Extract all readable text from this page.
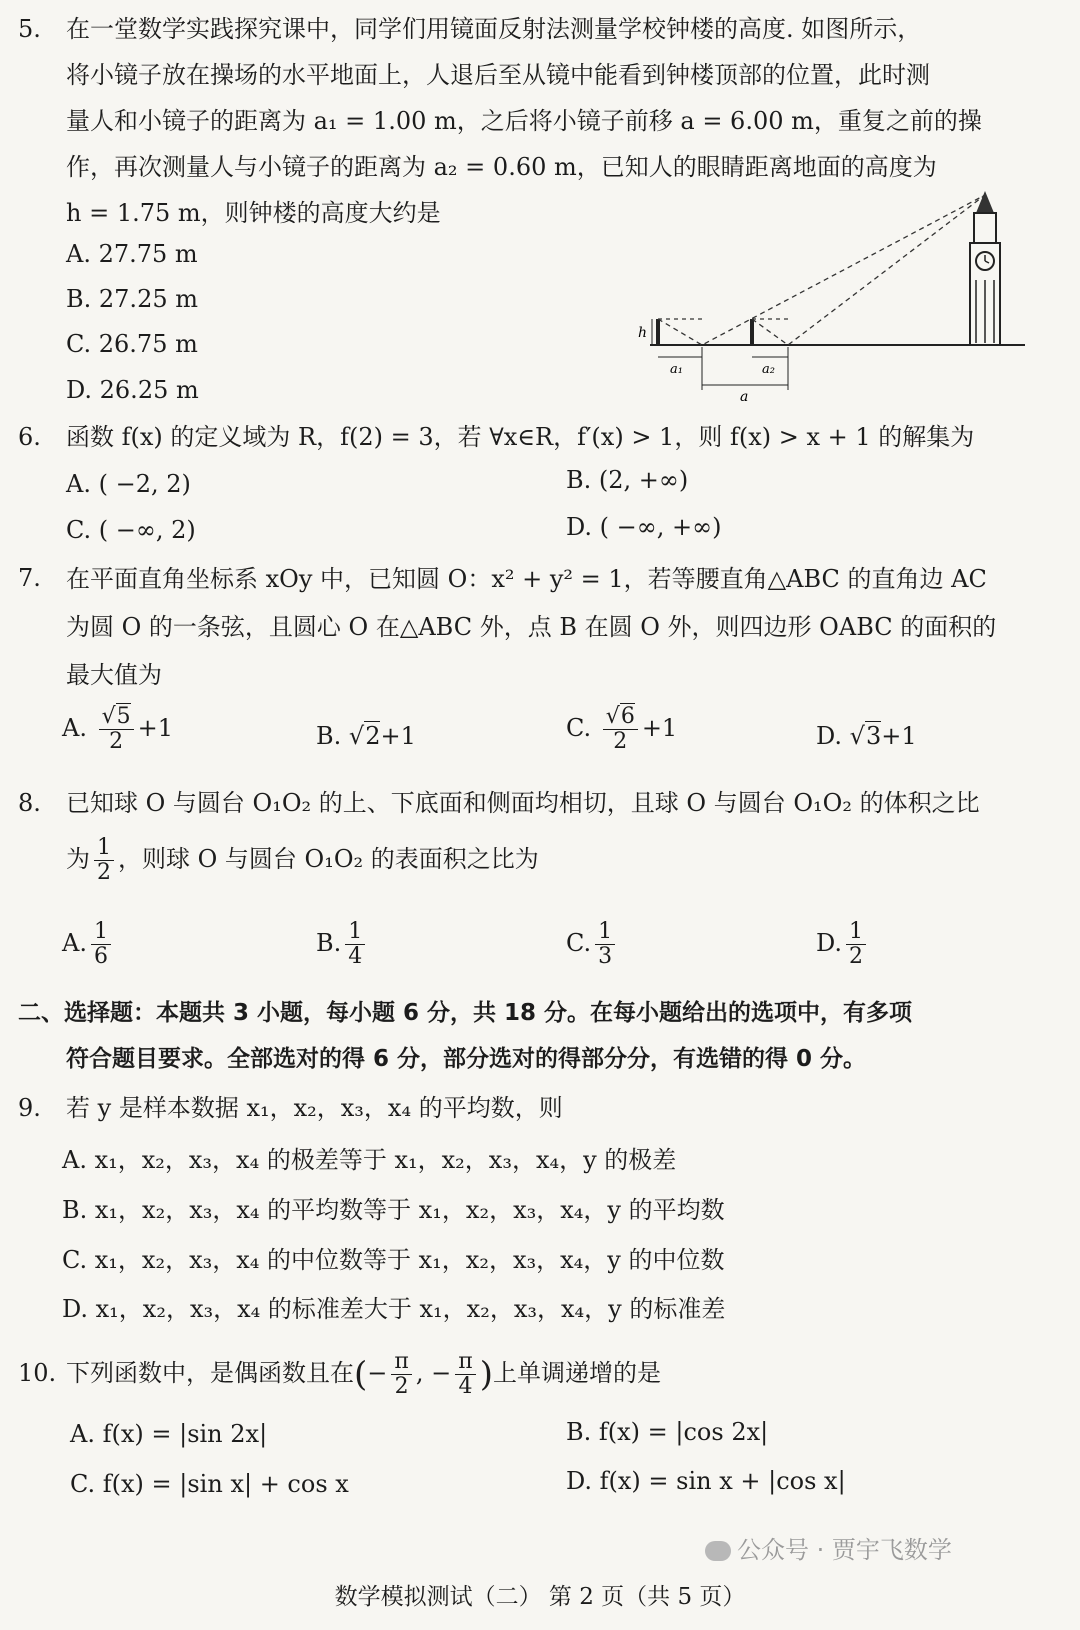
5. 在一堂数学实践探究课中，同学们用镜面反射法测量学校钟楼的高度. 如图所示，
将小镜子放在操场的水平地面上，人退后至从镜中能看到钟楼顶部的位置，此时测
量人和小镜子的距离为 a₁ = 1.00 m，之后将小镜子前移 a = 6.00 m，重复之前的操
作，再次测量人与小镜子的距离为 a₂ = 0.60 m，已知人的眼睛距离地面的高度为
h = 1.75 m，则钟楼的高度大约是
A. 27.75 m
B. 27.25 m
C. 26.75 m
D. 26.25 m
h
a₁	a₂
a
6. 函数 f(x) 的定义域为 R，f(2) = 3，若 ∀x∈R，f′(x) > 1，则 f(x) > x + 1 的解集为
A. ( −2, 2)	B. (2, +∞)
C. ( −∞, 2)	D. ( −∞, +∞)
7. 在平面直角坐标系 xOy 中，已知圆 O：x² + y² = 1，若等腰直角△ABC 的直角边 AC
为圆 O 的一条弦，且圆心 O 在△ABC 外，点 B 在圆 O 外，则四边形 OABC 的面积的
最大值为
A. $\frac{√5}{2} +1$	B. √2+1	C. $\frac{√6}{2} +1$	D. √3+1
8. 已知球 O 与圆台 O₁O₂ 的上、下底面和侧面均相切，且球 O 与圆台 O₁O₂ 的体积之比
为 $\frac{1}{2}$ ，则球 O 与圆台 O₁O₂ 的表面积之比为
A. $\frac{1}{6}$	B. $\frac{1}{4}$	C. $\frac{1}{3}$	D. $\frac{1}{2}$
二、选择题：本题共 3 小题，每小题 6 分，共 18 分。在每小题给出的选项中，有多项
符合题目要求。全部选对的得 6 分，部分选对的得部分分，有选错的得 0 分。
9. 若 y 是样本数据 x₁，x₂，x₃，x₄ 的平均数，则
A. x₁，x₂，x₃，x₄ 的极差等于 x₁，x₂，x₃，x₄，y 的极差
B. x₁，x₂，x₃，x₄ 的平均数等于 x₁，x₂，x₃，x₄，y 的平均数
C. x₁，x₂，x₃，x₄ 的中位数等于 x₁，x₂，x₃，x₄，y 的中位数
D. x₁，x₂，x₃，x₄ 的标准差大于 x₁，x₂，x₃，x₄，y 的标准差
10. 下列函数中，是偶函数且在(− $\frac{\pi}{2}$ , − $\frac{\pi}{4}$ )上单调递增的是
A. f(x) = |sin 2x|	B. f(x) = |cos 2x|
C. f(x) = |sin x| + cos x	D. f(x) = sin x + |cos x|
公众号 · 贾宇飞数学
数学模拟测试（二） 第 2 页（共 5 页）
